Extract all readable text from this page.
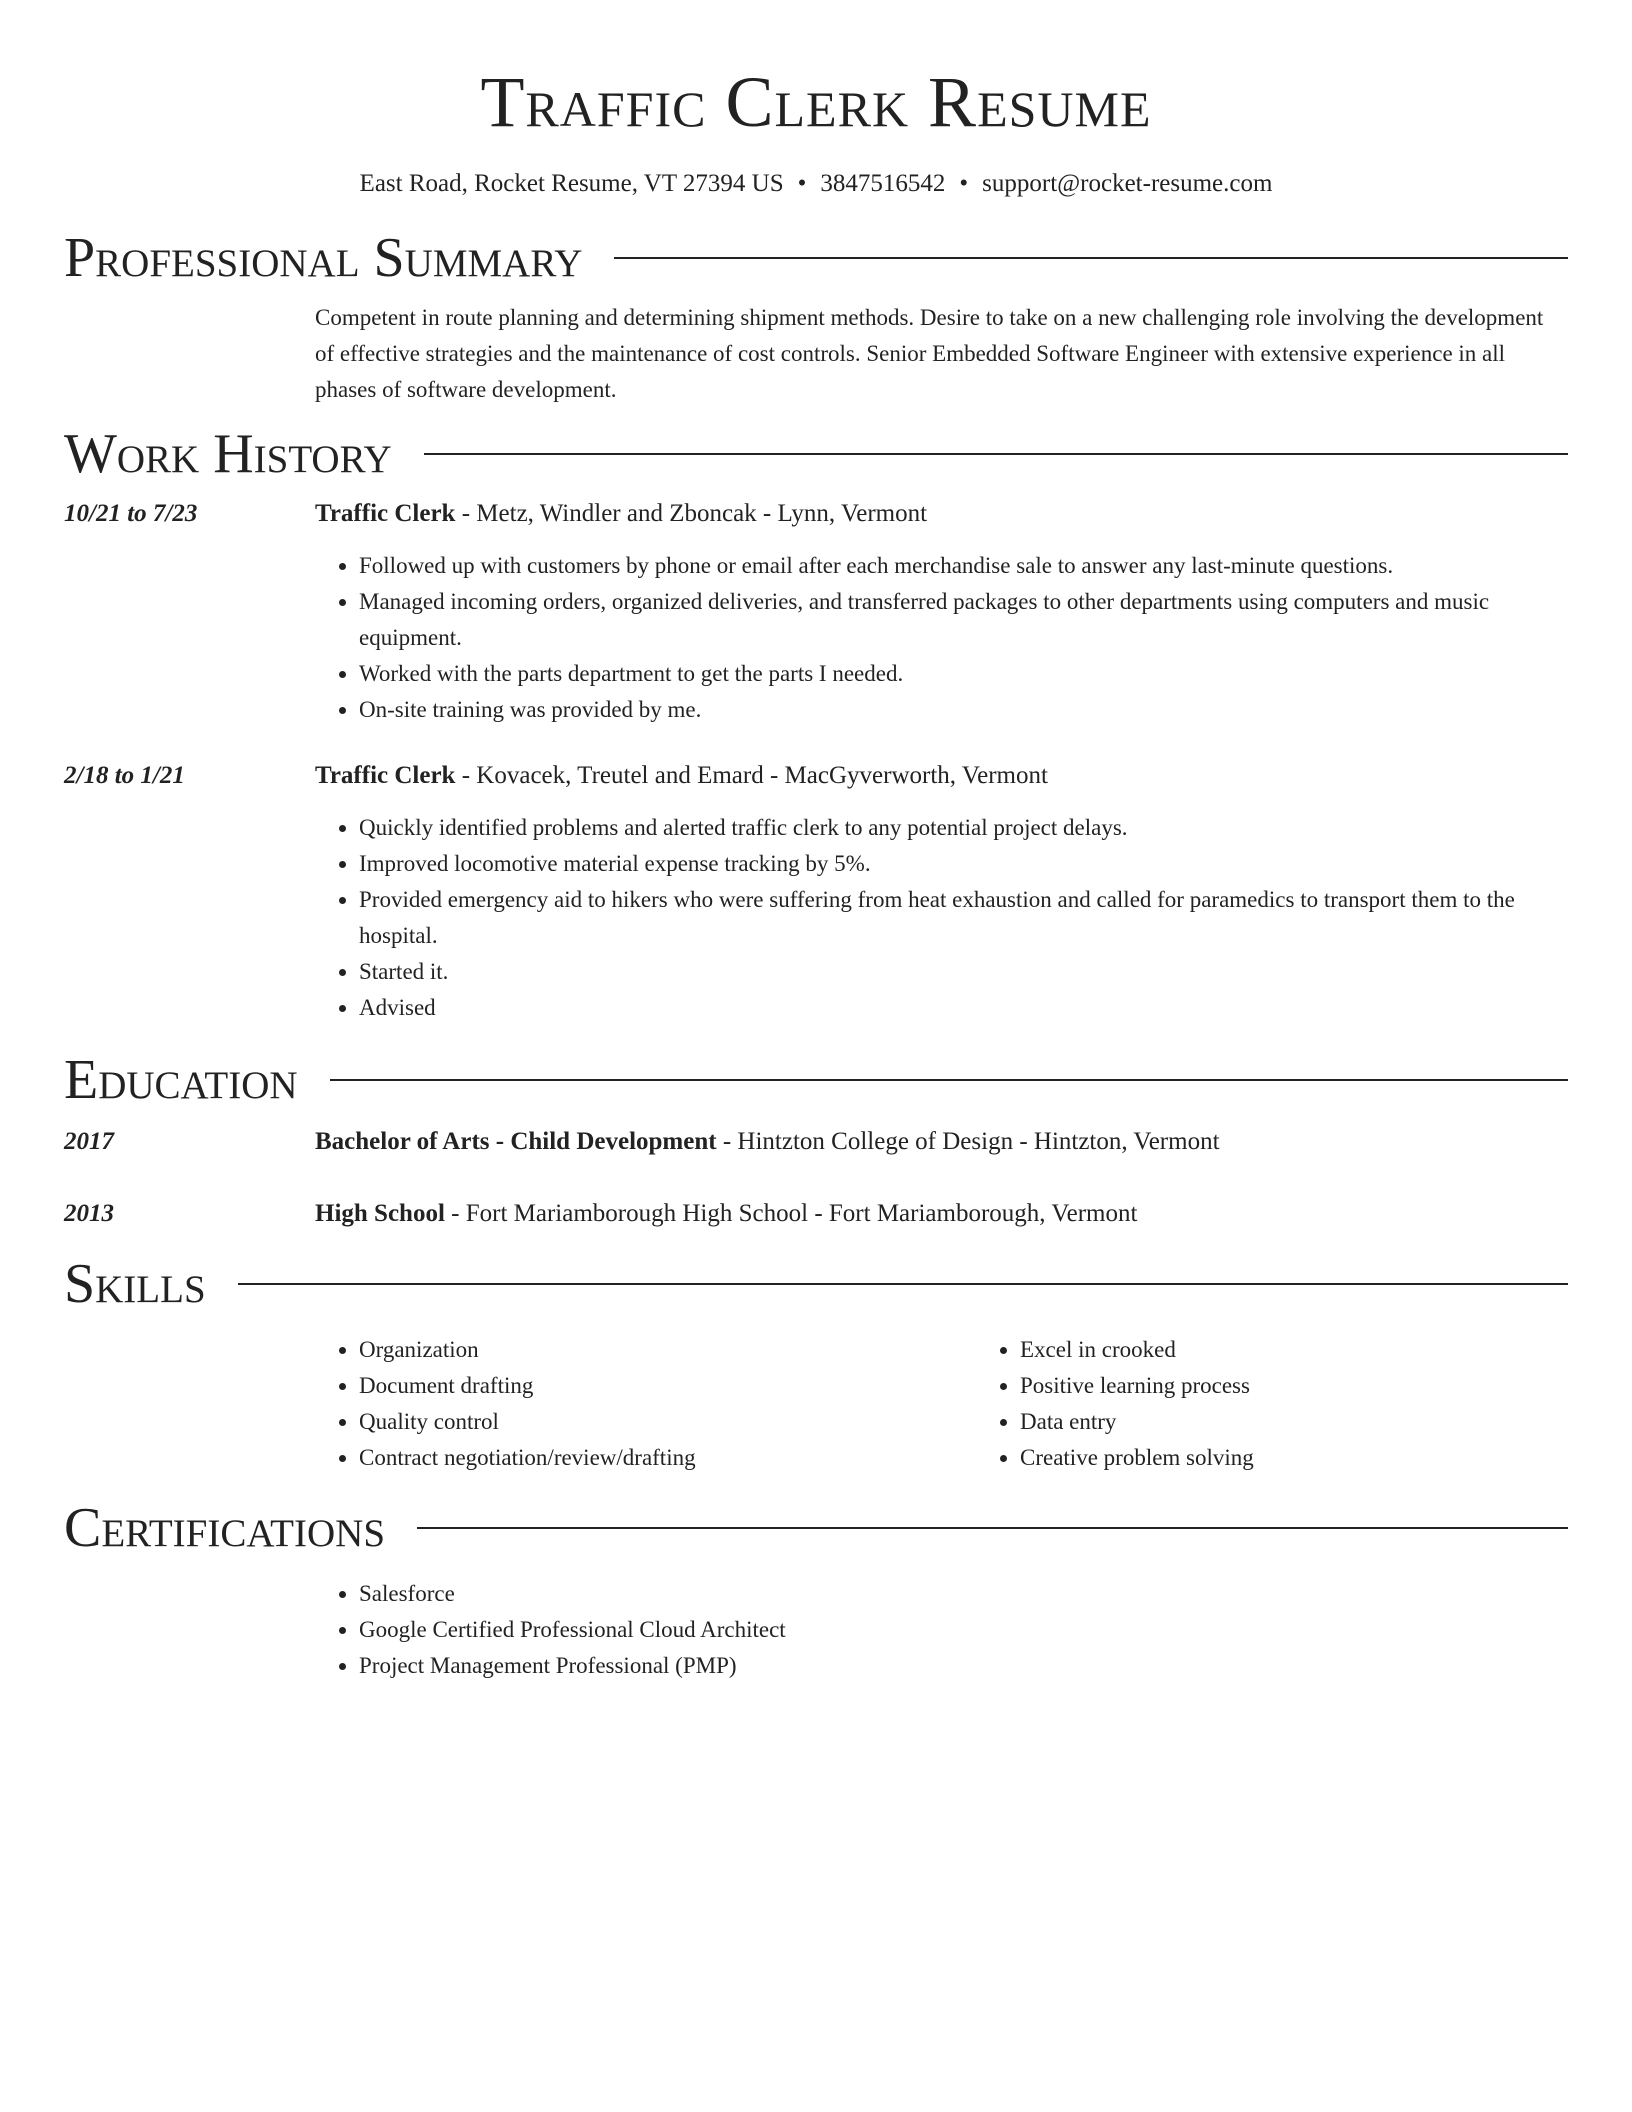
Traffic Clerk Resume
East Road, Rocket Resume, VT 27394 US • 3847516542 • support@rocket-resume.com
Professional Summary

Competent in route planning and determining shipment methods. Desire to take on a new challenging role involving the development of effective strategies and the maintenance of cost controls. Senior Embedded Software Engineer with extensive experience in all phases of software development.

Work History
10/21 to 7/23	Traffic Clerk - Metz, Windler and Zboncak - Lynn, Vermont
• Followed up with customers by phone or email after each merchandise sale to answer any last-minute questions.
• Managed incoming orders, organized deliveries, and transferred packages to other departments using computers and music equipment.
• Worked with the parts department to get the parts I needed.
• On-site training was provided by me.
2/18 to 1/21	Traffic Clerk - Kovacek, Treutel and Emard - MacGyverworth, Vermont
• Quickly identified problems and alerted traffic clerk to any potential project delays.
• Improved locomotive material expense tracking by 5%.
• Provided emergency aid to hikers who were suffering from heat exhaustion and called for paramedics to transport them to the hospital.
• Started it.
• Advised
Education
2017	Bachelor of Arts - Child Development - Hintzton College of Design - Hintzton, Vermont
2013	High School - Fort Mariamborough High School - Fort Mariamborough, Vermont
Skills
• Organization
• Document drafting
• Quality control
• Contract negotiation/review/drafting
• Excel in crooked
• Positive learning process
• Data entry
• Creative problem solving
Certifications
• Salesforce
• Google Certified Professional Cloud Architect
• Project Management Professional (PMP)
